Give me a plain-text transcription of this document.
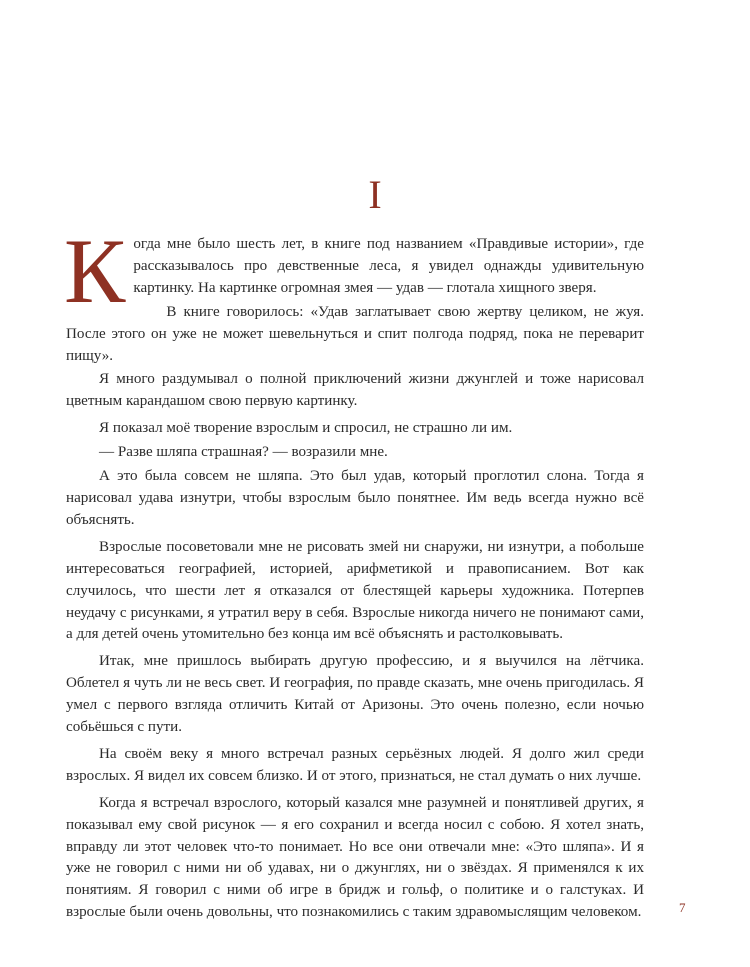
I

Когда мне было шесть лет, в книге под названием «Правдивые истории», где рассказывалось про девственные леса, я увидел однажды удивительную картинку. На картинке огромная змея — удав — глотала хищного зверя.

В книге говорилось: «Удав заглатывает свою жертву целиком, не жуя. После этого он уже не может шевельнуться и спит полгода подряд, пока не переварит пищу».

Я много раздумывал о полной приключений жизни джунглей и тоже нарисовал цветным карандашом свою первую картинку.

Я показал моё творение взрослым и спросил, не страшно ли им.

— Разве шляпа страшная? — возразили мне.

А это была совсем не шляпа. Это был удав, который проглотил слона. Тогда я нарисовал удава изнутри, чтобы взрослым было понятнее. Им ведь всегда нужно всё объяснять.

Взрослые посоветовали мне не рисовать змей ни снаружи, ни изнутри, а побольше интересоваться географией, историей, арифметикой и правописанием. Вот как случилось, что шести лет я отказался от блестящей карьеры художника. Потерпев неудачу с рисунками, я утратил веру в себя. Взрослые никогда ничего не понимают сами, а для детей очень утомительно без конца им всё объяснять и растолковывать.

Итак, мне пришлось выбирать другую профессию, и я выучился на лётчика. Облетел я чуть ли не весь свет. И география, по правде сказать, мне очень пригодилась. Я умел с первого взгляда отличить Китай от Аризоны. Это очень полезно, если ночью собьёшься с пути.

На своём веку я много встречал разных серьёзных людей. Я долго жил среди взрослых. Я видел их совсем близко. И от этого, признаться, не стал думать о них лучше.

Когда я встречал взрослого, который казался мне разумней и понятливей других, я показывал ему свой рисунок — я его сохранил и всегда носил с собою. Я хотел знать, вправду ли этот человек что-то понимает. Но все они отвечали мне: «Это шляпа». И я уже не говорил с ними ни об удавах, ни о джунглях, ни о звёздах. Я применялся к их понятиям. Я говорил с ними об игре в бридж и гольф, о политике и о галстуках. И взрослые были очень довольны, что познакомились с таким здравомыслящим человеком.	7
